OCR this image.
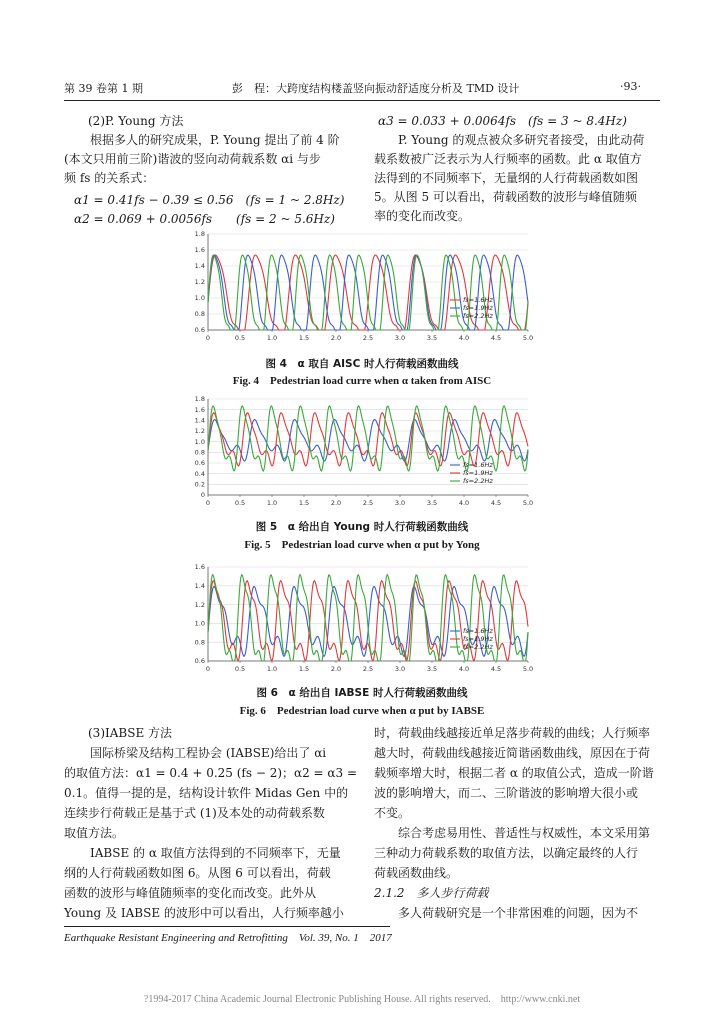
第 39 卷第 1 期	彭　程：大跨度结构楼盖竖向振动舒适度分析及 TMD 设计	·93·
(2)P. Young 方法
根据多人的研究成果，P. Young 提出了前 4 阶
(本文只用前三阶)谐波的竖向动荷载系数 αi 与步
频 fs 的关系式：
α1 = 0.41fs − 0.39 ≤ 0.56　(fs = 1 ~ 2.8Hz)
α2 = 0.069 + 0.0056fs　　(fs = 2 ~ 5.6Hz)
α3 = 0.033 + 0.0064fs　(fs = 3 ~ 8.4Hz)
P. Young 的观点被众多研究者接受，由此动荷
载系数被广泛表示为人行频率的函数。此 α 取值方
法得到的不同频率下，无量纲的人行荷载函数如图
5。从图 5 可以看出，荷载函数的波形与峰值随频
率的变化而改变。
1.8
1.6
1.4
1.2
1.0
0.8
0.6
0	0.5	1.0	1.5	2.0	2.5	3.0	3.5	4.0	4.5	5.0
fs=1.6Hz
fs=1.9Hz
fs=2.2Hz
图 4　α 取自 AISC 时人行荷载函数曲线
Fig. 4　Pedestrian load curre when α taken from AISC
1.8
1.6
1.4
1.2
1.0
0.8
0.6
0.4
0.2
0
0	0.5	1.0	1.5	2.0	2.5	3.0	3.5	4.0	4.5	5.0
fs=1.6Hz
fs=1.9Hz
fs=2.2Hz
图 5　α 给出自 Young 时人行荷载函数曲线
Fig. 5　Pedestrian load curve when α put by Yong
1.6
1.4
1.2
1.0
0.8
0.6
0	0.5	1.0	1.5	2.0	2.5	3.0	3.5	4.0	4.5	5.0
fs=1.6Hz
fs=1.9Hz
fs=2.2Hz
图 6　α 给出自 IABSE 时人行荷载函数曲线
Fig. 6　Pedestrian load curve when α put by IABSE
(3)IABSE 方法
国际桥梁及结构工程协会 (IABSE)给出了 αi
的取值方法：α1 = 0.4 + 0.25 (fs − 2)；α2 = α3 =
0.1。值得一提的是，结构设计软件 Midas Gen 中的
连续步行荷载正是基于式 (1)及本处的动荷载系数
取值方法。
IABSE 的 α 取值方法得到的不同频率下，无量
纲的人行荷载函数如图 6。从图 6 可以看出，荷载
函数的波形与峰值随频率的变化而改变。此外从
Young 及 IABSE 的波形中可以看出，人行频率越小
时，荷载曲线越接近单足落步荷载的曲线；人行频率
越大时，荷载曲线越接近简谐函数曲线，原因在于荷
载频率增大时，根据二者 α 的取值公式，造成一阶谐
波的影响增大，而二、三阶谐波的影响增大很小或
不变。
综合考虑易用性、普适性与权威性，本文采用第
三种动力荷载系数的取值方法，以确定最终的人行
荷载函数曲线。
2.1.2　多人步行荷载
多人荷载研究是一个非常困难的问题，因为不
Earthquake Resistant Engineering and Retrofitting　Vol. 39, No. 1　2017
?1994-2017 China Academic Journal Electronic Publishing House. All rights reserved.　http://www.cnki.net
